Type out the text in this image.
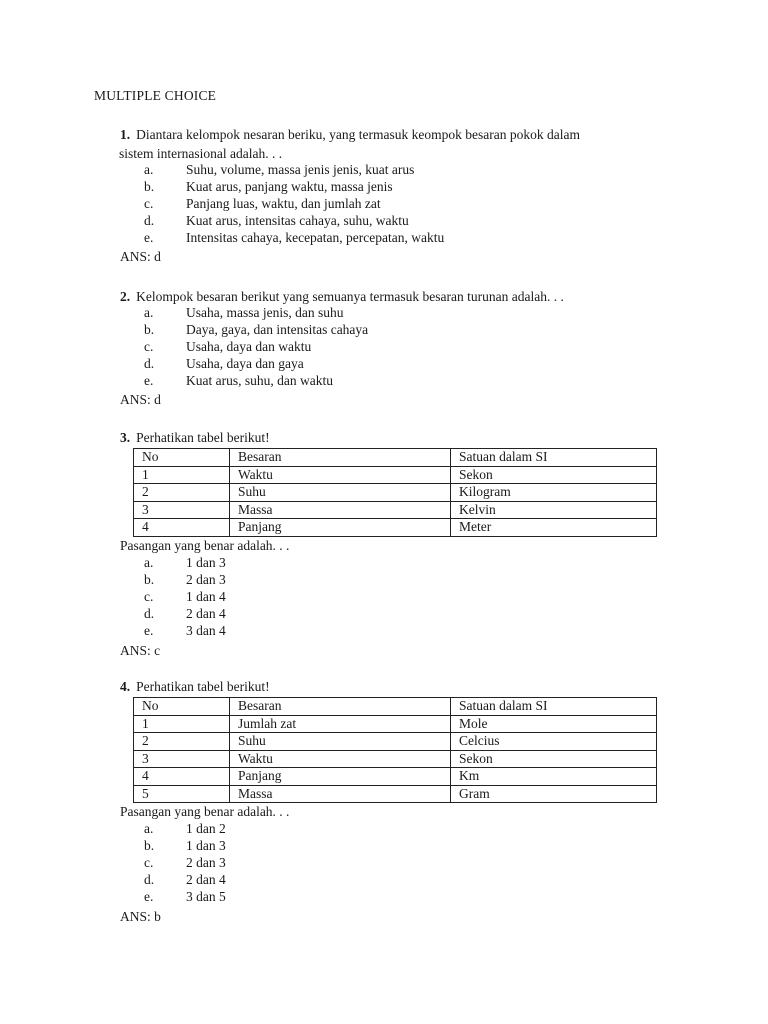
MULTIPLE CHOICE
1. Diantara kelompok nesaran beriku, yang termasuk keompok besaran pokok dalam
sistem internasional adalah. . .
a.	Suhu, volume, massa jenis jenis, kuat arus
b.	Kuat arus, panjang waktu, massa jenis
c.	Panjang luas, waktu, dan jumlah zat
d.	Kuat arus, intensitas cahaya, suhu, waktu
e.	Intensitas cahaya, kecepatan, percepatan, waktu
ANS: d
2. Kelompok besaran berikut yang semuanya termasuk besaran turunan adalah. . .
a.	Usaha, massa jenis, dan suhu
b.	Daya, gaya, dan intensitas cahaya
c.	Usaha, daya dan waktu
d.	Usaha, daya dan gaya
e.	Kuat arus, suhu, dan waktu
ANS: d
3. Perhatikan tabel berikut!
No	Besaran	Satuan dalam SI
1	Waktu	Sekon
2	Suhu	Kilogram
3	Massa	Kelvin
4	Panjang	Meter
Pasangan yang benar adalah. . .
a.	1 dan 3
b.	2 dan 3
c.	1 dan 4
d.	2 dan 4
e.	3 dan 4
ANS: c
4. Perhatikan tabel berikut!
No	Besaran	Satuan dalam SI
1	Jumlah zat	Mole
2	Suhu	Celcius
3	Waktu	Sekon
4	Panjang	Km
5	Massa	Gram
Pasangan yang benar adalah. . .
a.	1 dan 2
b.	1 dan 3
c.	2 dan 3
d.	2 dan 4
e.	3 dan 5
ANS: b
